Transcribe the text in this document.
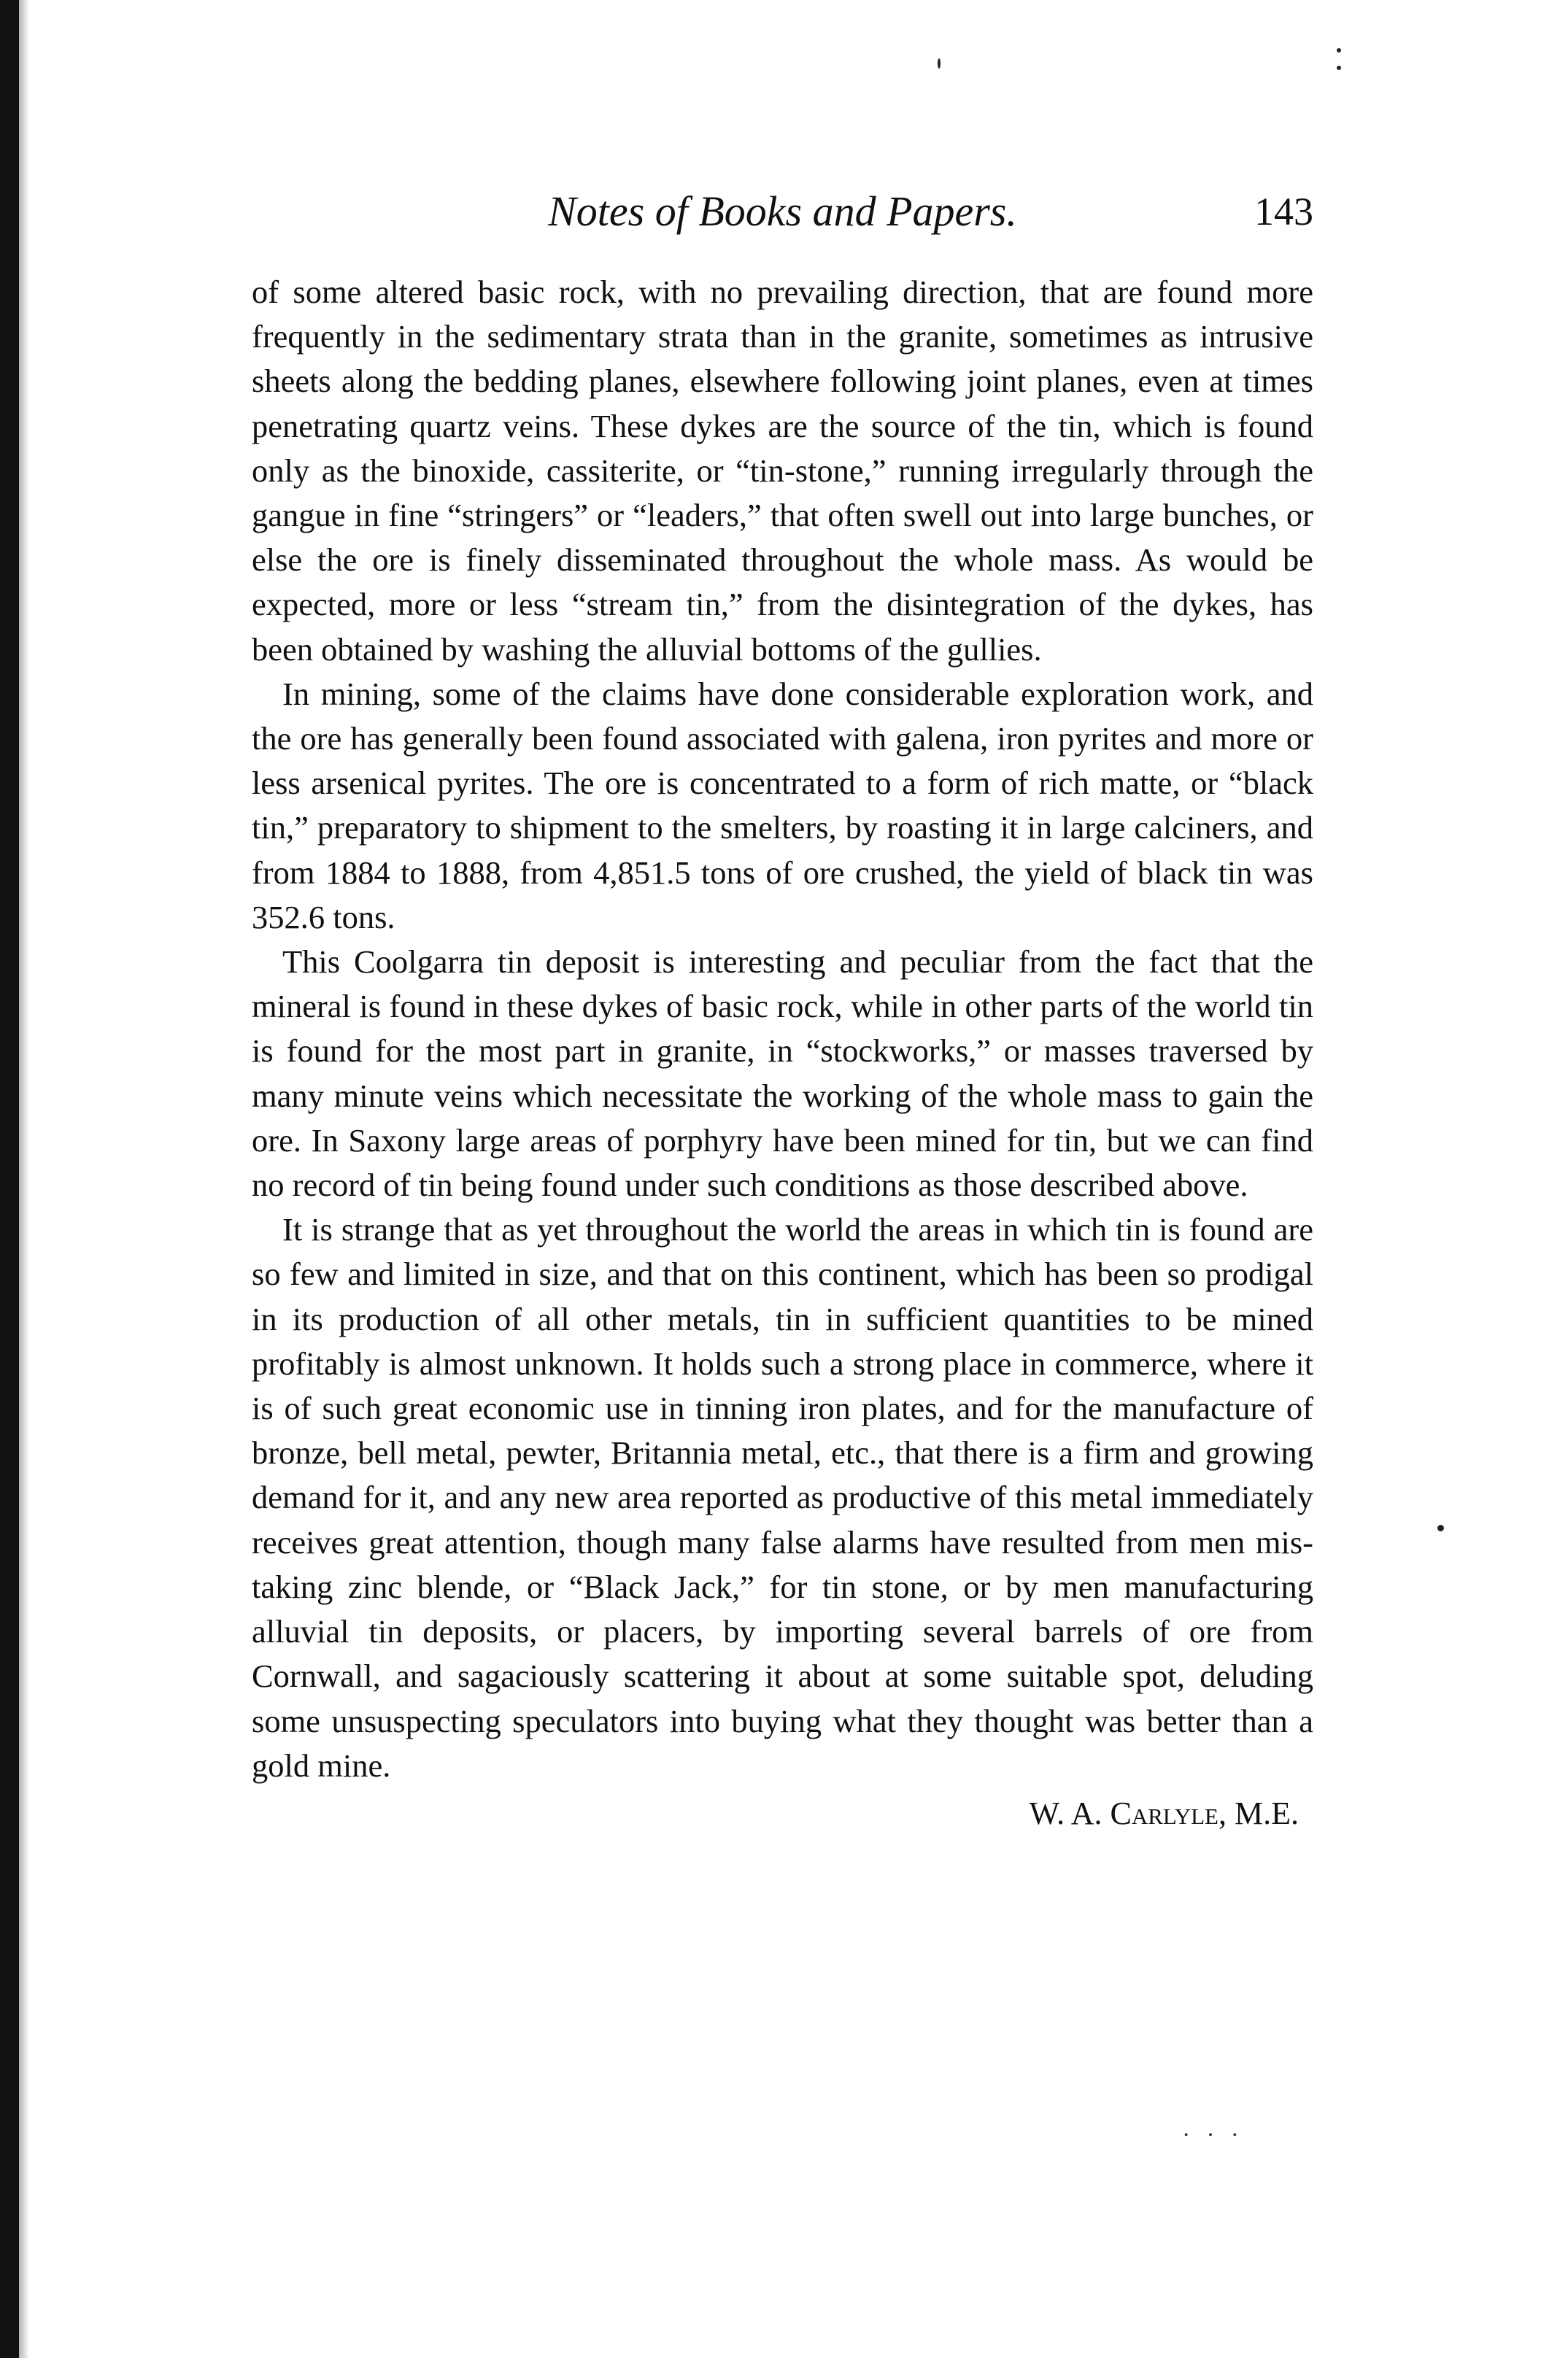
Notes of Books and Papers.	143

of some altered basic rock, with no prevailing direction, that are found more frequently in the sedimentary strata than in the granite, sometimes as intrusive sheets along the bedding planes, elsewhere following joint planes, even at times penetrating quartz veins. These dykes are the source of the tin, which is found only as the binoxide, cassiterite, or “tin-stone,” running irregularly through the gangue in fine “stringers” or “leaders,” that often swell out into large bunches, or else the ore is finely disseminated throughout the whole mass. As would be expected, more or less “stream tin,” from the disintegration of the dykes, has been obtained by washing the alluvial bottoms of the gullies.

In mining, some of the claims have done considerable exploration work, and the ore has generally been found associated with galena, iron pyrites and more or less arsenical pyrites. The ore is concentrated to a form of rich matte, or “black tin,” preparatory to shipment to the smelters, by roasting it in large calciners, and from 1884 to 1888, from 4,851.5 tons of ore crushed, the yield of black tin was 352.6 tons.

This Coolgarra tin deposit is interesting and peculiar from the fact that the mineral is found in these dykes of basic rock, while in other parts of the world tin is found for the most part in granite, in “stockworks,” or masses traversed by many minute veins which necessitate the working of the whole mass to gain the ore. In Saxony large areas of porphyry have been mined for tin, but we can find no record of tin being found under such conditions as those described above.

It is strange that as yet throughout the world the areas in which tin is found are so few and limited in size, and that on this continent, which has been so prodigal in its production of all other metals, tin in sufficient quantities to be mined profitably is almost unknown. It holds such a strong place in commerce, where it is of such great economic use in tinning iron plates, and for the manufacture of bronze, bell metal, pewter, Britannia metal, etc., that there is a firm and growing demand for it, and any new area reported as productive of this metal immediately receives great attention, though many false alarms have resulted from men mistaking zinc blende, or “Black Jack,” for tin stone, or by men manufacturing alluvial tin deposits, or placers, by importing several barrels of ore from Cornwall, and sagaciously scattering it about at some suitable spot, deluding some unsuspecting speculators into buying what they thought was better than a gold mine.

W. A. Carlyle, M.E.
···
